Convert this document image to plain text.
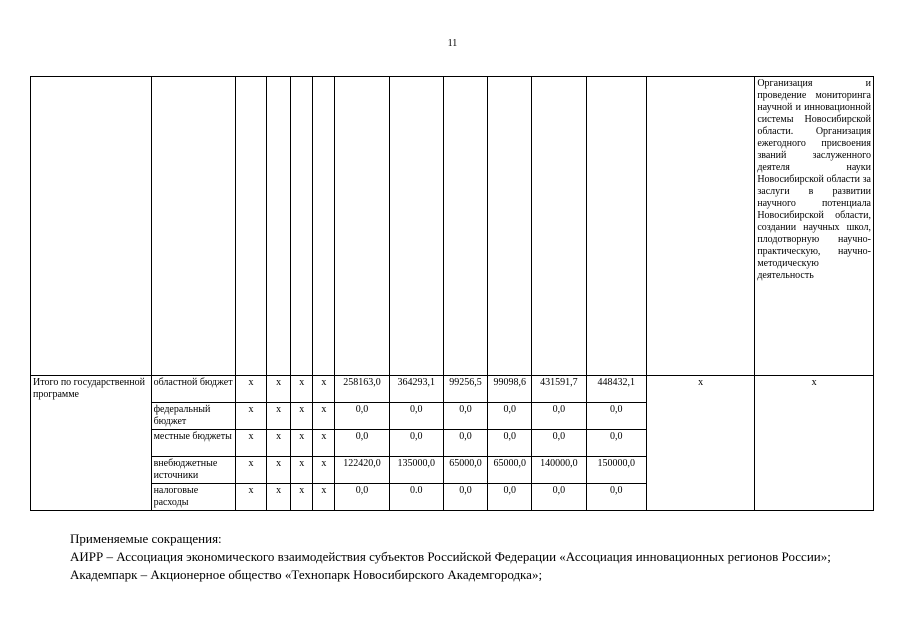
11
													Организация и проведение мониторинга научной и инновационной системы Новосибирской области. Организация ежегодного присвоения званий заслуженного деятеля науки Новосибирской области за заслуги в развитии научного потенциала Новосибирской области, создании научных школ, плодотворную научно-практическую, научно-методическую деятельность
Итого по государственной программе	областной бюджет	x	x	x	x	258163,0	364293,1	99256,5	99098,6	431591,7	448432,1	x	x
	федеральный бюджет	x	x	x	x	0,0	0,0	0,0	0,0	0,0	0,0		
	местные бюджеты	x	x	x	x	0,0	0,0	0,0	0,0	0,0	0,0		
	внебюджетные источники	x	x	x	x	122420,0	135000,0	65000,0	65000,0	140000,0	150000,0		
	налоговые расходы	x	x	x	x	0,0	0.0	0,0	0,0	0,0	0,0		

Применяемые сокращения:

АИРР – Ассоциация экономического взаимодействия субъектов Российской Федерации «Ассоциация инновационных регионов России»;

Академпарк – Акционерное общество «Технопарк Новосибирского Академгородка»;
